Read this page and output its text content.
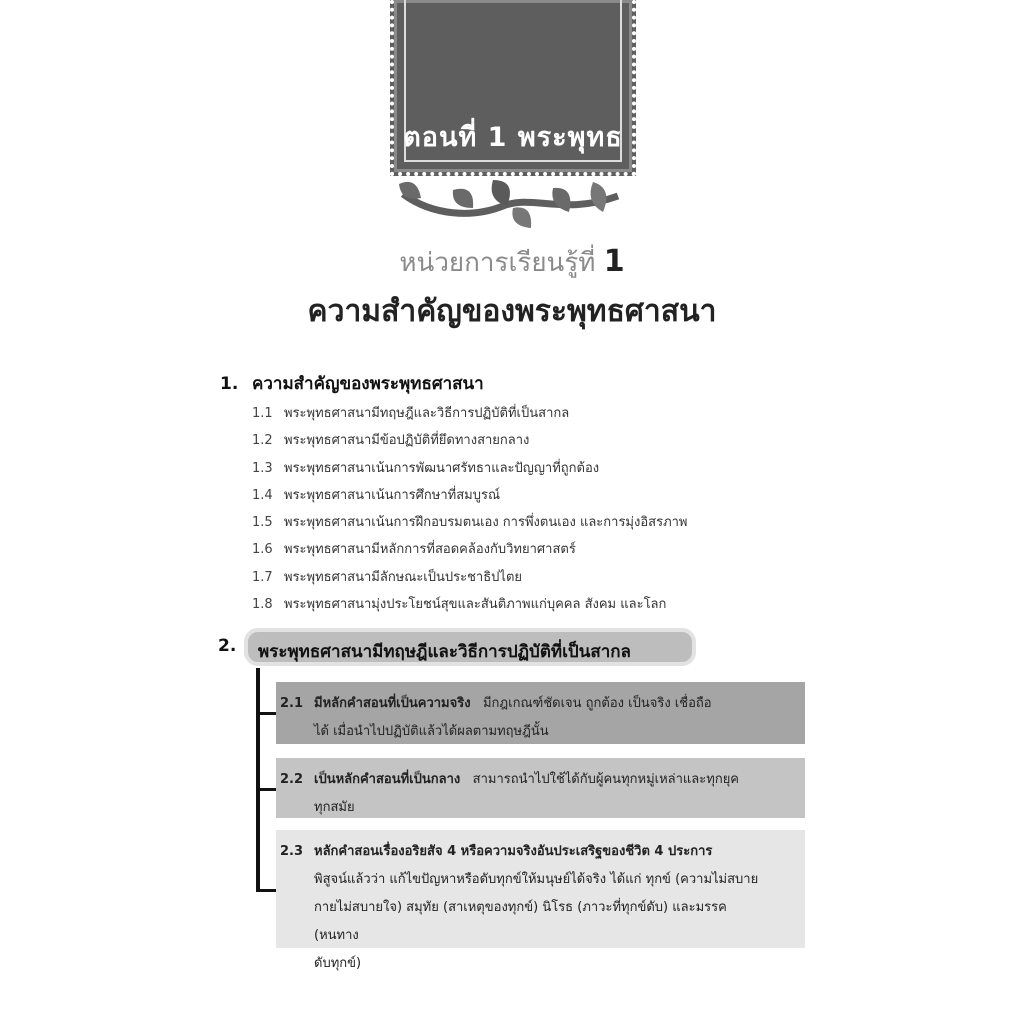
ตอนที่ 1 พระพุทธ
หน่วยการเรียนรู้ที่ 1
ความสำคัญของพระพุทธศาสนา
1. ความสำคัญของพระพุทธศาสนา
1.1 พระพุทธศาสนามีทฤษฎีและวิธีการปฏิบัติที่เป็นสากล
1.2 พระพุทธศาสนามีข้อปฏิบัติที่ยึดทางสายกลาง
1.3 พระพุทธศาสนาเน้นการพัฒนาศรัทธาและปัญญาที่ถูกต้อง
1.4 พระพุทธศาสนาเน้นการศึกษาที่สมบูรณ์
1.5 พระพุทธศาสนาเน้นการฝึกอบรมตนเอง การพึ่งตนเอง และการมุ่งอิสรภาพ
1.6 พระพุทธศาสนามีหลักการที่สอดคล้องกับวิทยาศาสตร์
1.7 พระพุทธศาสนามีลักษณะเป็นประชาธิปไตย
1.8 พระพุทธศาสนามุ่งประโยชน์สุขและสันติภาพแก่บุคคล สังคม และโลก
2.	พระพุทธศาสนามีทฤษฎีและวิธีการปฏิบัติที่เป็นสากล
2.1 มีหลักคำสอนที่เป็นความจริง มีกฎเกณฑ์ชัดเจน ถูกต้อง เป็นจริง เชื่อถือ
ได้ เมื่อนำไปปฏิบัติแล้วได้ผลตามทฤษฎีนั้น
2.2 เป็นหลักคำสอนที่เป็นกลาง สามารถนำไปใช้ได้กับผู้คนทุกหมู่เหล่าและทุกยุค
ทุกสมัย
2.3 หลักคำสอนเรื่องอริยสัจ 4 หรือความจริงอันประเสริฐของชีวิต 4 ประการ
พิสูจน์แล้วว่า แก้ไขปัญหาหรือดับทุกข์ให้มนุษย์ได้จริง ได้แก่ ทุกข์ (ความไม่สบาย
กายไม่สบายใจ) สมุทัย (สาเหตุของทุกข์) นิโรธ (ภาวะที่ทุกข์ดับ) และมรรค (หนทาง
ดับทุกข์)
